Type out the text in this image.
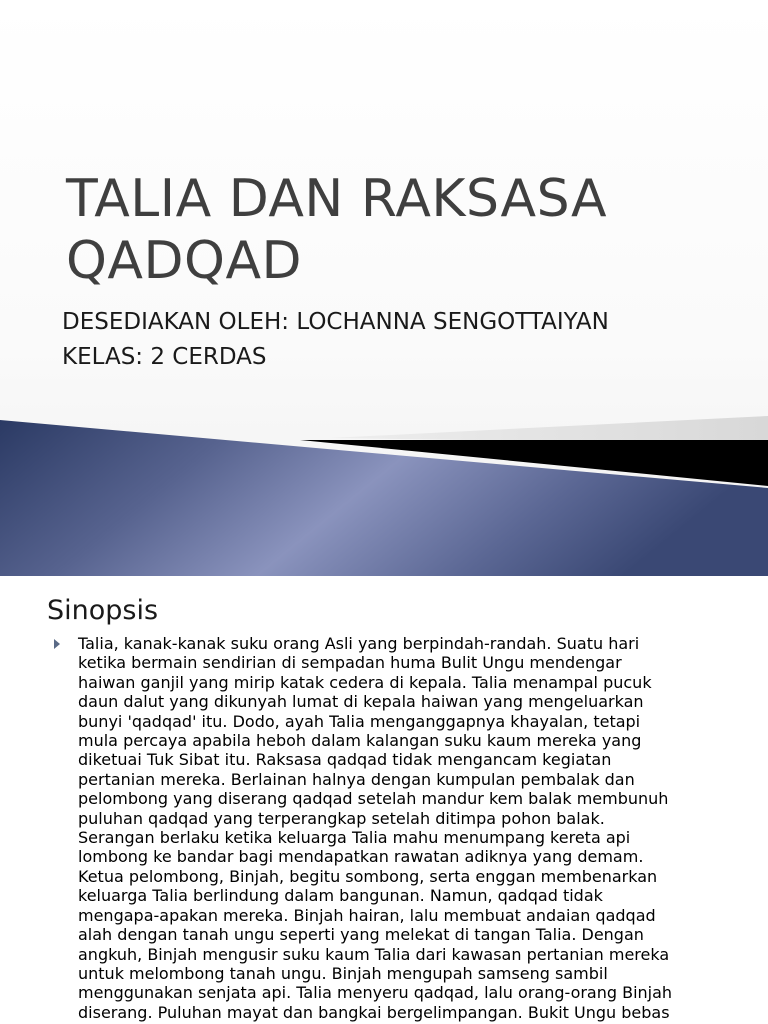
TALIA DAN RAKSASA
QADQAD
DESEDIAKAN OLEH: LOCHANNA SENGOTTAIYAN
KELAS: 2 CERDAS
Sinopsis
Talia, kanak-kanak suku orang Asli yang berpindah-randah. Suatu hari
ketika bermain sendirian di sempadan huma Bulit Ungu mendengar
haiwan ganjil yang mirip katak cedera di kepala. Talia menampal pucuk
daun dalut yang dikunyah lumat di kepala haiwan yang mengeluarkan
bunyi 'qadqad' itu. Dodo, ayah Talia menganggapnya khayalan, tetapi
mula percaya apabila heboh dalam kalangan suku kaum mereka yang
diketuai Tuk Sibat itu. Raksasa qadqad tidak mengancam kegiatan
pertanian mereka. Berlainan halnya dengan kumpulan pembalak dan
pelombong yang diserang qadqad setelah mandur kem balak membunuh
puluhan qadqad yang terperangkap setelah ditimpa pohon balak.
Serangan berlaku ketika keluarga Talia mahu menumpang kereta api
lombong ke bandar bagi mendapatkan rawatan adiknya yang demam.
Ketua pelombong, Binjah, begitu sombong, serta enggan membenarkan
keluarga Talia berlindung dalam bangunan. Namun, qadqad tidak
mengapa-apakan mereka. Binjah hairan, lalu membuat andaian qadqad
alah dengan tanah ungu seperti yang melekat di tangan Talia. Dengan
angkuh, Binjah mengusir suku kaum Talia dari kawasan pertanian mereka
untuk melombong tanah ungu. Binjah mengupah samseng sambil
menggunakan senjata api. Talia menyeru qadqad, lalu orang-orang Binjah
diserang. Puluhan mayat dan bangkai bergelimpangan. Bukit Ungu bebas
